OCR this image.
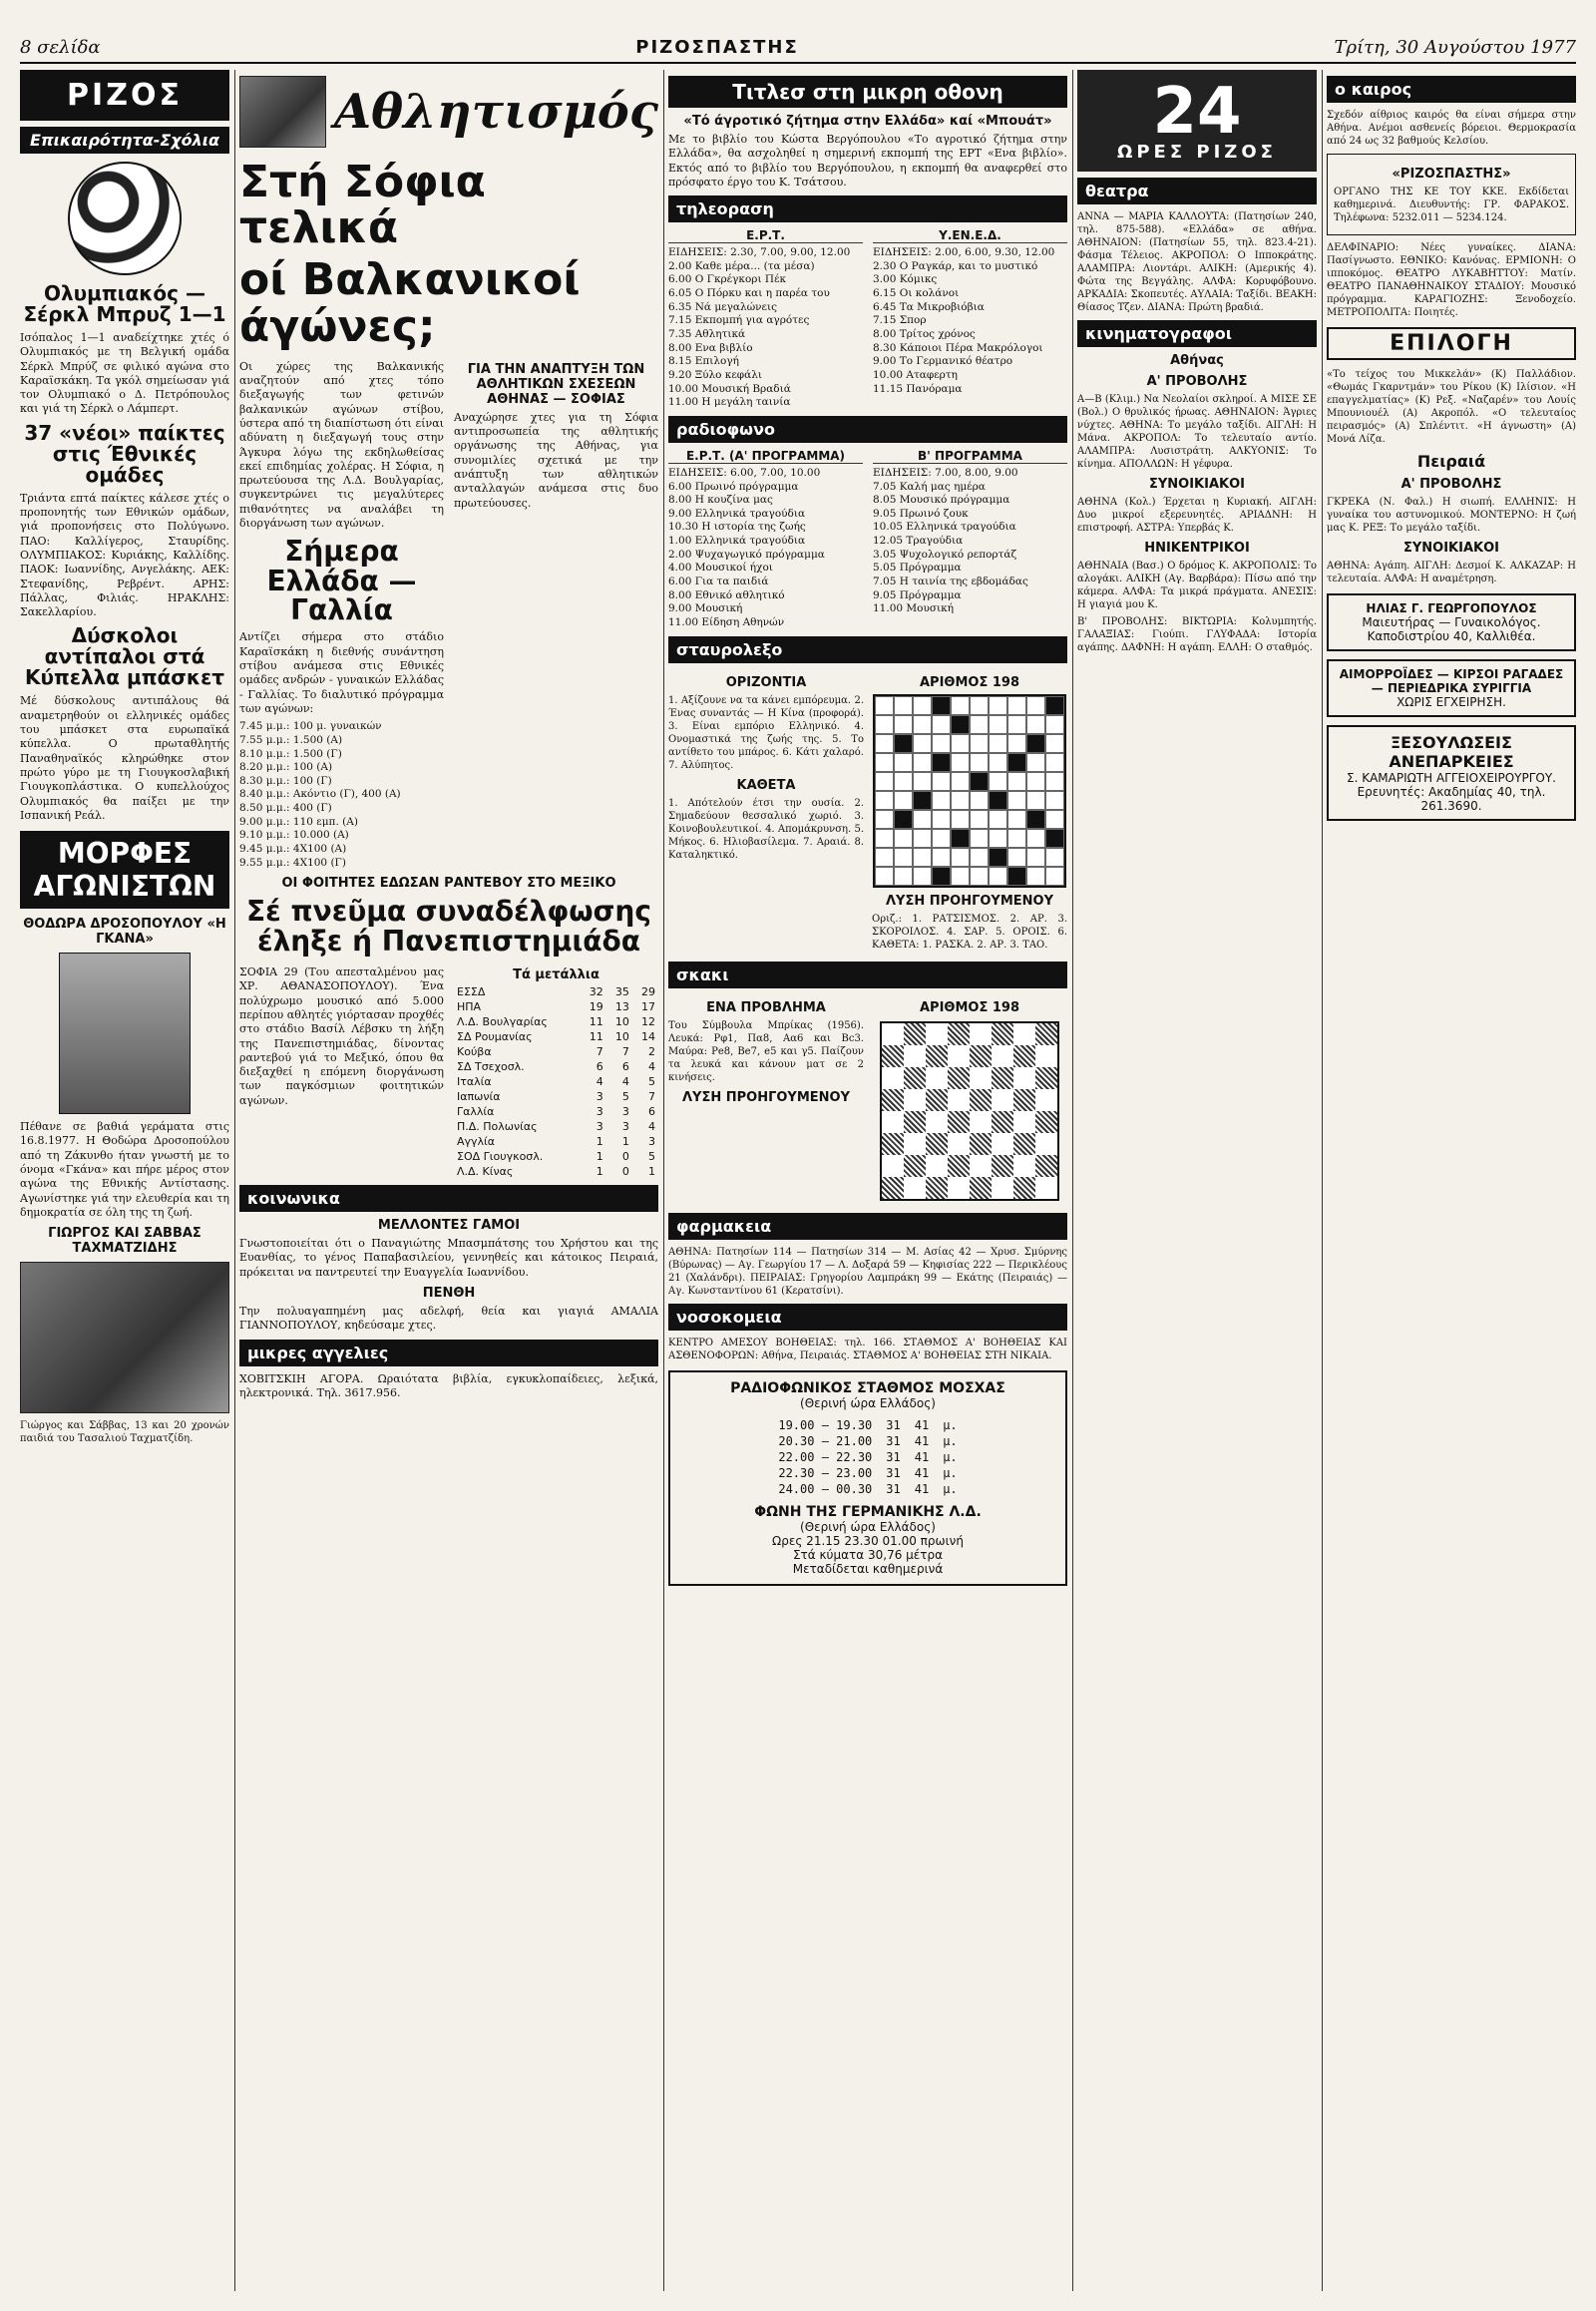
8 σελίδα	ΡΙΖΟΣΠΑΣΤΗΣ	Τρίτη, 30 Αυγούστου 1977
ΡΙΖΟΣ
Επικαιρότητα-Σχόλια
Ολυμπιακός — Σέρκλ Μπρυζ 1—1

Ισόπαλος 1—1 αναδείχτηκε χτές ό Ολυμπιακός με τη Βελγική ομάδα Σέρκλ Μπρύζ σε φιλικό αγώνα στο Καραϊσκάκη. Τα γκόλ σημείωσαν γιά τον Ολυμπιακό ο Δ. Πετρόπουλος και γιά τη Σέρκλ ο Λάμπερτ.

37 «νέοι» παίκτες στις Έθνικές ομάδες

Τριάντα επτά παίκτες κάλεσε χτές ο προπονητής των Εθνικών ομάδων, γιά προπονήσεις στο Πολύγωνο. ΠΑΟ: Καλλίγερος, Σταυρίδης. ΟΛΥΜΠΙΑΚΟΣ: Κυριάκης, Καλλίδης. ΠΑΟΚ: Ιωαννίδης, Ανγελάκης. ΑΕΚ: Στεφανίδης, Ρεβρέντ. ΑΡΗΣ: Πάλλας, Φιλιάς. ΗΡΑΚΛΗΣ: Σακελλαρίου.

Δύσκολοι αντίπαλοι στά Κύπελλα μπάσκετ

Μέ δύσκολους αντιπάλους θά αναμετρηθούν οι ελληνικές ομάδες του μπάσκετ στα ευρωπαϊκά κύπελλα. Ο πρωταθλητής Παναθηναϊκός κληρώθηκε στον πρώτο γύρο με τη Γιουγκοσλαβική Γιουγκοπλάστικα. Ο κυπελλούχος Ολυμπιακός θα παίξει με την Ισπανική Ρεάλ.

ΜΟΡΦΕΣ ΑΓΩΝΙΣΤΩΝ
ΘΟΔΩΡΑ ΔΡΟΣΟΠΟΥΛΟΥ «Η ΓΚΑΝΑ»

Πέθανε σε βαθιά γεράματα στις 16.8.1977. Η Θοδώρα Δροσοπούλου από τη Ζάκυνθο ήταν γνωστή με το όνομα «Γκάνα» και πήρε μέρος στον αγώνα της Εθνικής Αντίστασης. Αγωνίστηκε γιά την ελευθερία και τη δημοκρατία σε όλη της τη ζωή.

ΓΙΩΡΓΟΣ ΚΑΙ ΣΑΒΒΑΣ ΤΑΧΜΑΤΖΙΔΗΣ

Γιώργος και Σάββας, 13 και 20 χρονών παιδιά του Τασαλιού Ταχματζίδη.

Αθλητισμός
Στή Σόφια τελικά
οί Βαλκανικοί άγώνες;

Οι χώρες της Βαλκανικής αναζητούν από χτες τόπο διεξαγωγής των φετινών βαλκανικών αγώνων στίβου, ύστερα από τη διαπίστωση ότι είναι αδύνατη η διεξαγωγή τους στην Άγκυρα λόγω της εκδηλωθείσας εκεί επιδημίας χολέρας. Η Σόφια, η πρωτεύουσα της Λ.Δ. Βουλγαρίας, συγκεντρώνει τις μεγαλύτερες πιθανότητες να αναλάβει τη διοργάνωση των αγώνων.

Σήμερα Ελλάδα — Γαλλία

Αντίζει σήμερα στο στάδιο Καραϊσκάκη η διεθνής συνάντηση στίβου ανάμεσα στις Εθνικές ομάδες ανδρών - γυναικών Ελλάδας - Γαλλίας. Το διαλυτικό πρόγραμμα των αγώνων:

7.45 μ.μ.: 100 μ. γυναικών
7.55 μ.μ.: 1.500 (Α)
8.10 μ.μ.: 1.500 (Γ)
8.20 μ.μ.: 100 (Α)
8.30 μ.μ.: 100 (Γ)
8.40 μ.μ.: Ακόντιο (Γ), 400 (Α)
8.50 μ.μ.: 400 (Γ)
9.00 μ.μ.: 110 εμπ. (Α)
9.10 μ.μ.: 10.000 (Α)
9.45 μ.μ.: 4Χ100 (Α)
9.55 μ.μ.: 4Χ100 (Γ)
ΓΙΑ ΤΗΝ ΑΝΑΠΤΥΞΗ ΤΩΝ ΑΘΛΗΤΙΚΩΝ ΣΧΕΣΕΩΝ ΑΘΗΝΑΣ — ΣΟΦΙΑΣ

Αναχώρησε χτες για τη Σόφια αντιπροσωπεία της αθλητικής οργάνωσης της Αθήνας, για συνομιλίες σχετικά με την ανάπτυξη των αθλητικών ανταλλαγών ανάμεσα στις δυο πρωτεύουσες.

ΟΙ ΦΟΙΤΗΤΕΣ ΕΔΩΣΑΝ ΡΑΝΤΕΒΟΥ ΣΤΟ ΜΕΞΙΚΟ
Σέ πνεῦμα συναδέλφωσης έληξε ή Πανεπιστημιάδα

ΣΟΦΙΑ 29 (Του απεσταλμένου μας ΧΡ. ΑΘΑΝΑΣΟΠΟΥΛΟΥ). Ένα πολύχρωμο μουσικό από 5.000 περίπου αθλητές γιόρτασαν προχθές στο στάδιο Βασίλ Λέβσκυ τη λήξη της Πανεπιστημιάδας, δίνοντας ραντεβού γιά το Μεξικό, όπου θα διεξαχθεί η επόμενη διοργάνωση των παγκόσμιων φοιτητικών αγώνων.

Τά μετάλλια
ΕΣΣΔ	32	35	29
ΗΠΑ	19	13	17
Λ.Δ. Βουλγαρίας	11	10	12
ΣΔ Ρουμανίας	11	10	14
Κούβα	7	7	2
ΣΔ Τσεχοσλ.	6	6	4
Ιταλία	4	4	5
Ιαπωνία	3	5	7
Γαλλία	3	3	6
Π.Δ. Πολωνίας	3	3	4
Αγγλία	1	1	3
ΣΟΔ Γιουγκοσλ.	1	0	5
Λ.Δ. Κίνας	1	0	1
κοινωνικα
ΜΕΛΛΟΝΤΕΣ ΓΑΜΟΙ

Γνωστοποιείται ότι ο Παναγιώτης Μπασμπάτσης του Χρήστου και της Ευανθίας, το γένος Παπαβασιλείου, γεννηθείς και κάτοικος Πειραιά, πρόκειται να παντρευτεί την Ευαγγελία Ιωαννίδου.

ΠΕΝΘΗ

Την πολυαγαπημένη μας αδελφή, θεία και γιαγιά ΑΜΑΛΙΑ ΓΙΑΝΝΟΠΟΥΛΟΥ, κηδεύσαμε χτες.

μικρες αγγελιες

ΧΟΒΙΤΣΚΙΗ ΑΓΟΡΑ. Ωραιότατα βιβλία, εγκυκλοπαίδειες, λεξικά, ηλεκτρονικά. Τηλ. 3617.956.

Τιτλεσ στη μικρη οθονη
«Τό άγροτικό ζήτημα στην Ελλάδα» καί «Μπουάτ»

Με το βιβλίο του Κώστα Βεργόπουλου «Το αγροτικό ζήτημα στην Ελλάδα», θα ασχοληθεί η σημερινή εκπομπή της ΕΡΤ «Ενα βιβλίο». Εκτός από το βιβλίο του Βεργόπουλου, η εκπομπή θα αναφερθεί στο πρόσφατο έργο του Κ. Τσάτσου.

τηλεοραση
Ε.Ρ.Τ.
ΕΙΔΗΣΕΙΣ: 2.30, 7.00, 9.00, 12.00
2.00 Καθε μέρα... (τα μέσα)
6.00 Ο Γκρέγκορι Πέκ
6.05 Ο Πόρκυ και η παρέα του
6.35 Νά μεγαλώνεις
7.15 Εκπομπή για αγρότες
7.35 Αθλητικά
8.00 Ενα βιβλίο
8.15 Επιλογή
9.20 Ξύλο κεφάλι
10.00 Μουσική Βραδιά
11.00 Η μεγάλη ταινία
Υ.ΕΝ.Ε.Δ.
ΕΙΔΗΣΕΙΣ: 2.00, 6.00, 9.30, 12.00
2.30 Ο Ραγκάρ, και το μυστικό
3.00 Κόμικς
6.15 Οι κολάνοι
6.45 Τα Μικροβιόβια
7.15 Σπορ
8.00 Τρίτος χρόνος
8.30 Κάποιοι Πέρα Μακρόλογοι
9.00 Το Γερμανικό θέατρο
10.00 Αταφερτη
11.15 Πανόραμα
ραδιοφωνο
Ε.Ρ.Τ. (Α' ΠΡΟΓΡΑΜΜΑ)
ΕΙΔΗΣΕΙΣ: 6.00, 7.00, 10.00
6.00 Πρωινό πρόγραμμα
8.00 Η κουζίνα μας
9.00 Ελληνικά τραγούδια
10.30 Η ιστορία της ζωής
1.00 Ελληνικά τραγούδια
2.00 Ψυχαγωγικό πρόγραμμα
4.00 Μουσικοί ήχοι
6.00 Για τα παιδιά
8.00 Εθνικό αθλητικό
9.00 Μουσική
11.00 Είδηση Αθηνών
Β' ΠΡΟΓΡΑΜΜΑ
ΕΙΔΗΣΕΙΣ: 7.00, 8.00, 9.00
7.05 Καλή μας ημέρα
8.05 Μουσικό πρόγραμμα
9.05 Πρωινό ζουκ
10.05 Ελληνικά τραγούδια
12.05 Τραγούδια
3.05 Ψυχολογικό ρεπορτάζ
5.05 Πρόγραμμα
7.05 Η ταινία της εβδομάδας
9.05 Πρόγραμμα
11.00 Μουσική
σταυρολεξο
ΟΡΙΖΟΝΤΙΑ

1. Αξίζουνε να τα κάνει εμπόρευμα. 2. Ένας συναντάς — Η Κίνα (προφορά). 3. Είναι εμπόριο Ελληνικό. 4. Ονομαστικά της ζωής της. 5. Το αντίθετο του μπάρος. 6. Κάτι χαλαρό. 7. Αλύπητος.

ΚΑΘΕΤΑ

1. Απότελούν έτσι την ουσία. 2. Σημαδεύουν θεσσαλικό χωριό. 3. Κοινοβουλευτικοί. 4. Απομάκρυνση. 5. Μήκος. 6. Ηλιοβασίλεμα. 7. Αραιά. 8. Καταληκτικό.

ΑΡΙΘΜΟΣ 198
ΛΥΣΗ ΠΡΟΗΓΟΥΜΕΝΟΥ

Οριζ.: 1. ΡΑΤΣΙΣΜΟΣ. 2. ΑΡ. 3. ΣΚΟΡΟΙΛΟΣ. 4. ΣΑΡ. 5. ΟΡΟΙΣ. 6. ΚΑΘΕΤΑ: 1. ΡΑΣΚΑ. 2. ΑΡ. 3. ΤΑΟ.

σκακι
ΕΝΑ ΠΡΟΒΛΗΜΑ

Του Σύμβουλα Μπρίκας (1956). Λευκά: Ρφ1, Πα8, Αα6 και Βc3. Μαύρα: Ρe8, Βe7, e5 και γ5. Παίζουν τα λευκά και κάνουν ματ σε 2 κινήσεις.

ΛΥΣΗ ΠΡΟΗΓΟΥΜΕΝΟΥ
ΑΡΙΘΜΟΣ 198
φαρμακεια

ΑΘΗΝΑ: Πατησίων 114 — Πατησίων 314 — Μ. Ασίας 42 — Χρυσ. Σμύρνης (Βύρωνας) — Αγ. Γεωργίου 17 — Λ. Δοξαρά 59 — Κηφισίας 222 — Περικλέους 21 (Χαλάνδρι). ΠΕΙΡΑΙΑΣ: Γρηγορίου Λαμπράκη 99 — Εκάτης (Πειραιάς) — Αγ. Κωνσταντίνου 61 (Κερατσίνι).

νοσοκομεια

ΚΕΝΤΡΟ ΑΜΕΣΟΥ ΒΟΗΘΕΙΑΣ: τηλ. 166. ΣΤΑΘΜΟΣ Α' ΒΟΗΘΕΙΑΣ ΚΑΙ ΑΣΘΕΝΟΦΟΡΩΝ: Αθήνα, Πειραιάς. ΣΤΑΘΜΟΣ Α' ΒΟΗΘΕΙΑΣ ΣΤΗ ΝΙΚΑΙΑ.

ΡΑΔΙΟΦΩΝΙΚΟΣ ΣΤΑΘΜΟΣ ΜΟΣΧΑΣ
(Θερινή ώρα Ελλάδος)
19.00 — 19.30	31	41	μ.
20.30 — 21.00	31	41	μ.
22.00 — 22.30	31	41	μ.
22.30 — 23.00	31	41	μ.
24.00 — 00.30	31	41	μ.
ΦΩΝΗ ΤΗΣ ΓΕΡΜΑΝΙΚΗΣ Λ.Δ.
(Θερινή ώρα Ελλάδος)
Ωρες 21.15 23.30 01.00 πρωινή
Στά κύματα 30,76 μέτρα
Μεταδίδεται καθημερινά
24
ΩΡΕΣ ΡΙΖΟΣ
θεατρα

ΑΝΝΑ — ΜΑΡΙΑ ΚΑΛΛΟΥΤΑ: (Πατησίων 240, τηλ. 875-588). «Ελλάδα» σε αθήνα. ΑΘΗΝΑΙΟΝ: (Πατησίων 55, τηλ. 823.4-21). Φάσμα Τέλειος. ΑΚΡΟΠΟΛ: Ο Ιπποκράτης. ΑΛΑΜΠΡΑ: Λιοντάρι. ΑΛΙΚΗ: (Αμερικής 4). Φώτα της Βεγγάλης. ΑΛΦΑ: Κορυφόβουνο. ΑΡΚΑΔΙΑ: Σκοπευτές. ΑΥΛΑΙΑ: Ταξίδι. ΒΕΑΚΗ: Θίασος Τζεν. ΔΙΑΝΑ: Πρώτη βραδιά.

κινηματογραφοι
Αθήνας
Α' ΠΡΟΒΟΛΗΣ

Α—Β (Κλιμ.) Να Νεολαίοι σκληροί. Α ΜΙΣΕ ΣΕ (Βολ.) Ο θρυλικός ήρωας. ΑΘΗΝΑΙΟΝ: Άγριες νύχτες. ΑΘΗΝΑ: Το μεγάλο ταξίδι. ΑΙΓΛΗ: Η Μάνα. ΑΚΡΟΠΟΛ: Το τελευταίο αντίο. ΑΛΑΜΠΡΑ: Λυσιστράτη. ΑΛΚΥΟΝΙΣ: Το κίνημα. ΑΠΟΛΛΩΝ: Η γέφυρα.

ΣΥΝΟΙΚΙΑΚΟΙ

ΑΘΗΝΑ (Κολ.) Έρχεται η Κυριακή. ΑΙΓΛΗ: Δυο μικροί εξερευνητές. ΑΡΙΑΔΝΗ: Η επιστροφή. ΑΣΤΡΑ: Υπερβάς Κ.

ΗΝΙΚΕΝΤΡΙΚΟΙ

ΑΘΗΝΑΙΑ (Βασ.) Ο δρόμος Κ. ΑΚΡΟΠΟΛΙΣ: Το αλογάκι. ΑΛΙΚΗ (Αγ. Βαρβάρα): Πίσω από την κάμερα. ΑΛΦΑ: Τα μικρά πράγματα. ΑΝΕΣΙΣ: Η γιαγιά μου Κ.

Β' ΠΡΟΒΟΛΗΣ: ΒΙΚΤΩΡΙΑ: Κολυμπητής. ΓΑΛΑΞΙΑΣ: Γιούπι. ΓΛΥΦΑΔΑ: Ιστορία αγάπης. ΔΑΦΝΗ: Η αγάπη. ΕΛΛΗ: Ο σταθμός.

ο καιρος

Σχεδόν αίθριος καιρός θα είναι σήμερα στην Αθήνα. Ανέμοι ασθενείς βόρειοι. Θερμοκρασία από 24 ως 32 βαθμούς Κελσίου.

«ΡΙΖΟΣΠΑΣΤΗΣ»

ΟΡΓΑΝΟ ΤΗΣ ΚΕ ΤΟΥ ΚΚΕ. Εκδίδεται καθημερινά. Διευθυντής: ΓΡ. ΦΑΡΑΚΟΣ. Τηλέφωνα: 5232.011 — 5234.124.

ΔΕΛΦΙΝΑΡΙΟ: Νέες γυναίκες. ΔΙΑΝΑ: Πασίγνωστο. ΕΘΝΙΚΟ: Κανόνας. ΕΡΜΙΟΝΗ: Ο ιπποκόμος. ΘΕΑΤΡΟ ΛΥΚΑΒΗΤΤΟΥ: Ματίν. ΘΕΑΤΡΟ ΠΑΝΑΘΗΝΑΙΚΟΥ ΣΤΑΔΙΟΥ: Μουσικό πρόγραμμα. ΚΑΡΑΓΙΟΖΗΣ: Ξενοδοχείο. ΜΕΤΡΟΠΟΛΙΤΑ: Ποιητές.

ΕΠΙΛΟΓΗ

«Το τείχος του Μικκελάν» (Κ) Παλλάδιον. «Θωμάς Γκαρντμάν» του Ρίκου (Κ) Ιλίσιον. «Η επαγγελματίας» (Κ) Ρεξ. «Ναζαρέν» του Λουίς Μπουνιουέλ (Α) Ακροπόλ. «Ο τελευταίος πειρασμός» (Α) Σπλέντιτ. «Η άγνωστη» (Α) Μονά Λίζα.

Πειραιά
Α' ΠΡΟΒΟΛΗΣ

ΓΚΡΕΚΑ (Ν. Φαλ.) Η σιωπή. ΕΛΛΗΝΙΣ: Η γυναίκα του αστυνομικού. ΜΟΝΤΕΡΝΟ: Η ζωή μας Κ. ΡΕΞ: Το μεγάλο ταξίδι.

ΣΥΝΟΙΚΙΑΚΟΙ

ΑΘΗΝΑ: Αγάπη. ΑΙΓΛΗ: Δεσμοί Κ. ΑΛΚΑΖΑΡ: Η τελευταία. ΑΛΦΑ: Η αναμέτρηση.

ΗΛΙΑΣ Γ. ΓΕΩΡΓΟΠΟΥΛΟΣ
Μαιευτήρας — Γυναικολόγος. Καποδιστρίου 40, Καλλιθέα.
ΑΙΜΟΡΡΟΪΔΕΣ — ΚΙΡΣΟΙ ΡΑΓΑΔΕΣ — ΠΕΡΙΕΔΡΙΚΑ ΣΥΡΙΓΓΙΑ
ΧΩΡΙΣ ΕΓΧΕΙΡΗΣΗ.
ΞΕΣΟΥΛΩΣΕΙΣ ΑΝΕΠΑΡΚΕΙΕΣ
Σ. ΚΑΜΑΡΙΩΤΗ ΑΓΓΕΙΟΧΕΙΡΟΥΡΓΟΥ. Ερευνητές: Ακαδημίας 40, τηλ. 261.3690.
